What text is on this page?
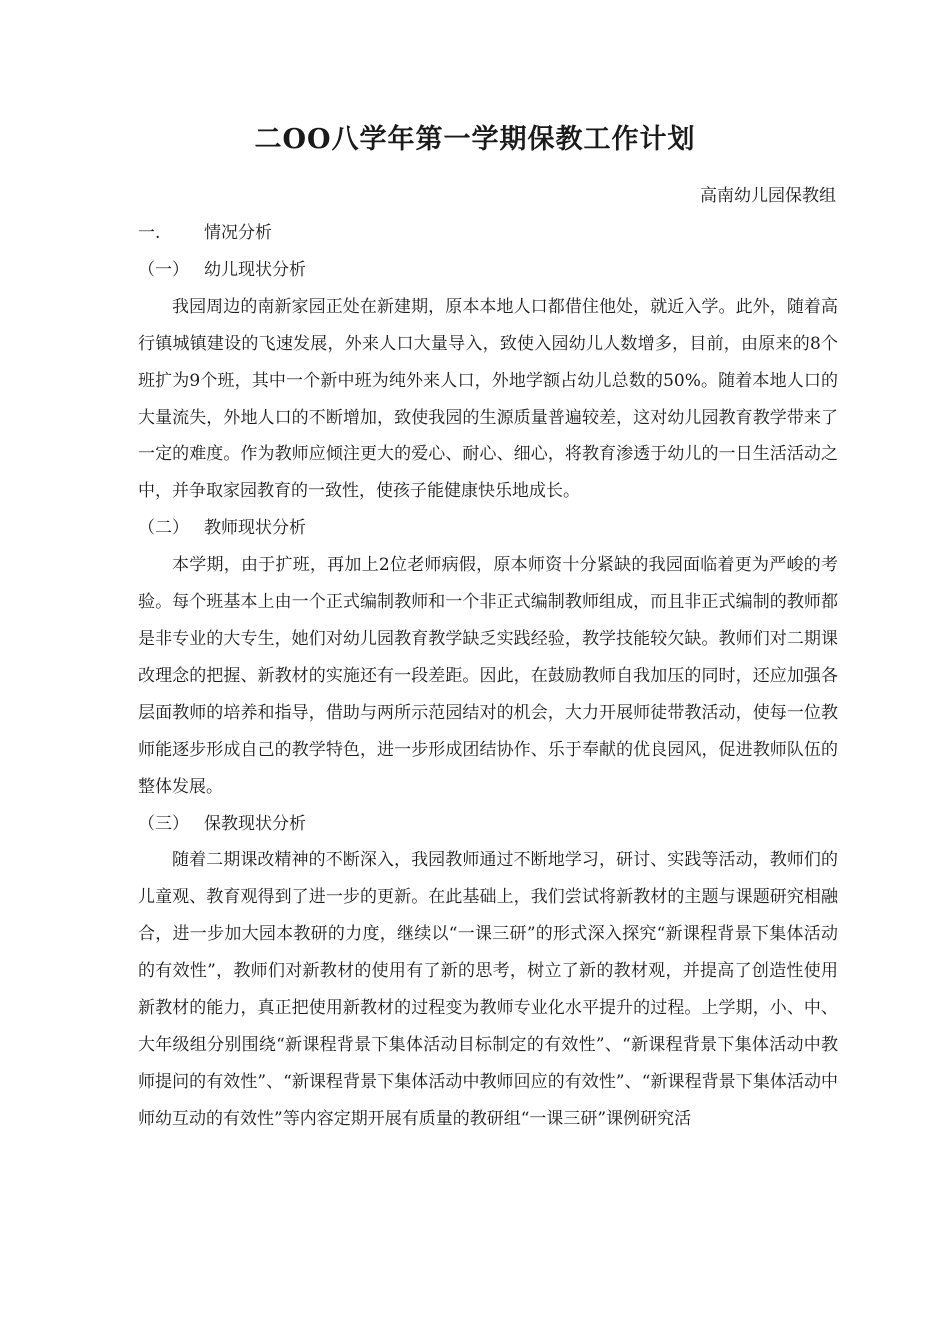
二OO八学年第一学期保教工作计划

高南幼儿园保教组

一.	情况分析

（一） 幼儿现状分析

我园周边的南新家园正处在新建期，原本本地人口都借住他处，就近入学。此外，随着高行镇城镇建设的飞速发展，外来人口大量导入，致使入园幼儿人数增多，目前，由原来的8个班扩为9个班，其中一个新中班为纯外来人口，外地学额占幼儿总数的50%。随着本地人口的大量流失，外地人口的不断增加，致使我园的生源质量普遍较差，这对幼儿园教育教学带来了一定的难度。作为教师应倾注更大的爱心、耐心、细心，将教育渗透于幼儿的一日生活活动之中，并争取家园教育的一致性，使孩子能健康快乐地成长。

（二） 教师现状分析

本学期，由于扩班，再加上2位老师病假，原本师资十分紧缺的我园面临着更为严峻的考验。每个班基本上由一个正式编制教师和一个非正式编制教师组成，而且非正式编制的教师都是非专业的大专生，她们对幼儿园教育教学缺乏实践经验，教学技能较欠缺。教师们对二期课改理念的把握、新教材的实施还有一段差距。因此，在鼓励教师自我加压的同时，还应加强各层面教师的培养和指导，借助与两所示范园结对的机会，大力开展师徒带教活动，使每一位教师能逐步形成自己的教学特色，进一步形成团结协作、乐于奉献的优良园风，促进教师队伍的整体发展。

（三） 保教现状分析

随着二期课改精神的不断深入，我园教师通过不断地学习，研讨、实践等活动，教师们的儿童观、教育观得到了进一步的更新。在此基础上，我们尝试将新教材的主题与课题研究相融合，进一步加大园本教研的力度，继续以“一课三研”的形式深入探究“新课程背景下集体活动的有效性”，教师们对新教材的使用有了新的思考，树立了新的教材观，并提高了创造性使用新教材的能力，真正把使用新教材的过程变为教师专业化水平提升的过程。上学期，小、中、大年级组分别围绕“新课程背景下集体活动目标制定的有效性”、“新课程背景下集体活动中教师提问的有效性”、“新课程背景下集体活动中教师回应的有效性”、“新课程背景下集体活动中师幼互动的有效性”等内容定期开展有质量的教研组“一课三研”课例研究活
